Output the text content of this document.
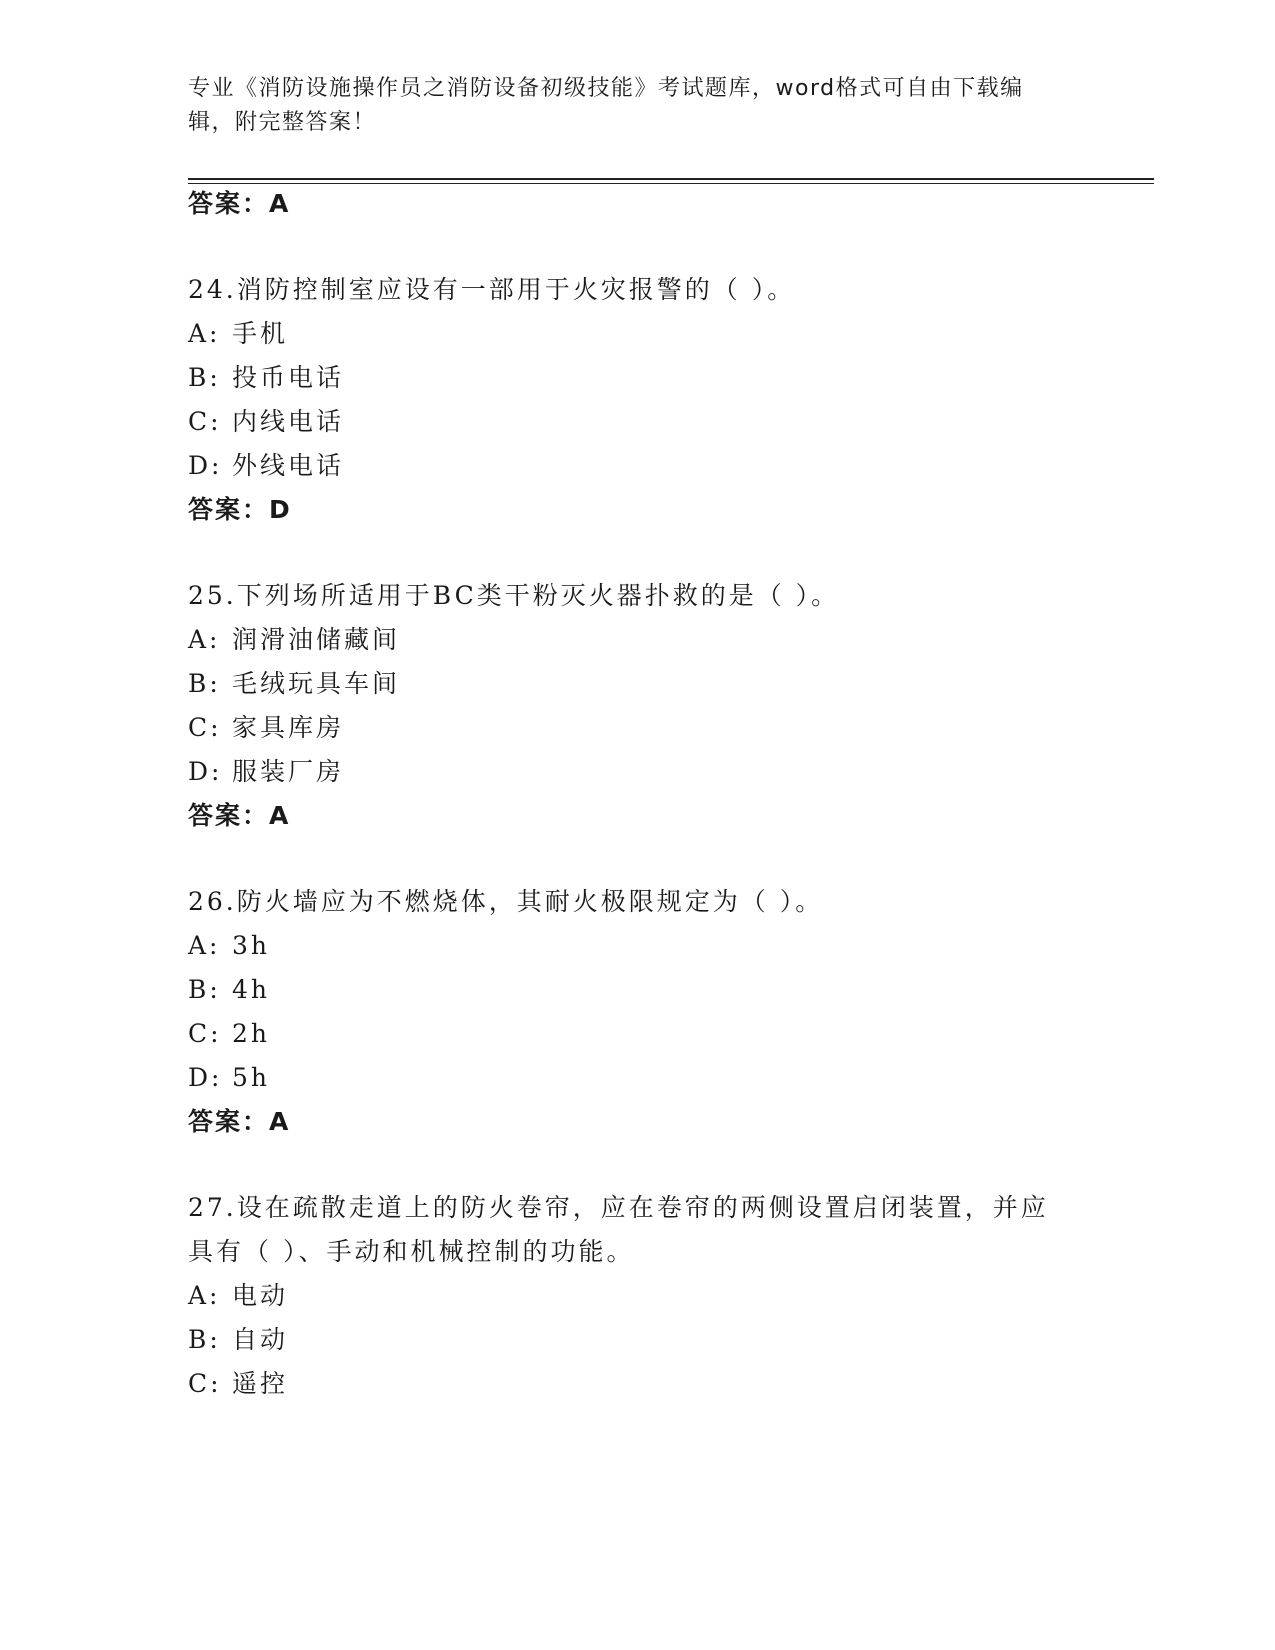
专业《消防设施操作员之消防设备初级技能》考试题库，word格式可自由下载编
辑，附完整答案！
答案：A
24.消防控制室应设有一部用于火灾报警的（ ）。
A: 手机
B: 投币电话
C: 内线电话
D: 外线电话
答案：D
25.下列场所适用于BC类干粉灭火器扑救的是（ ）。
A: 润滑油储藏间
B: 毛绒玩具车间
C: 家具库房
D: 服装厂房
答案：A
26.防火墙应为不燃烧体，其耐火极限规定为（ ）。
A: 3h
B: 4h
C: 2h
D: 5h
答案：A
27.设在疏散走道上的防火卷帘，应在卷帘的两侧设置启闭装置，并应
具有（ ）、手动和机械控制的功能。
A: 电动
B: 自动
C: 遥控
